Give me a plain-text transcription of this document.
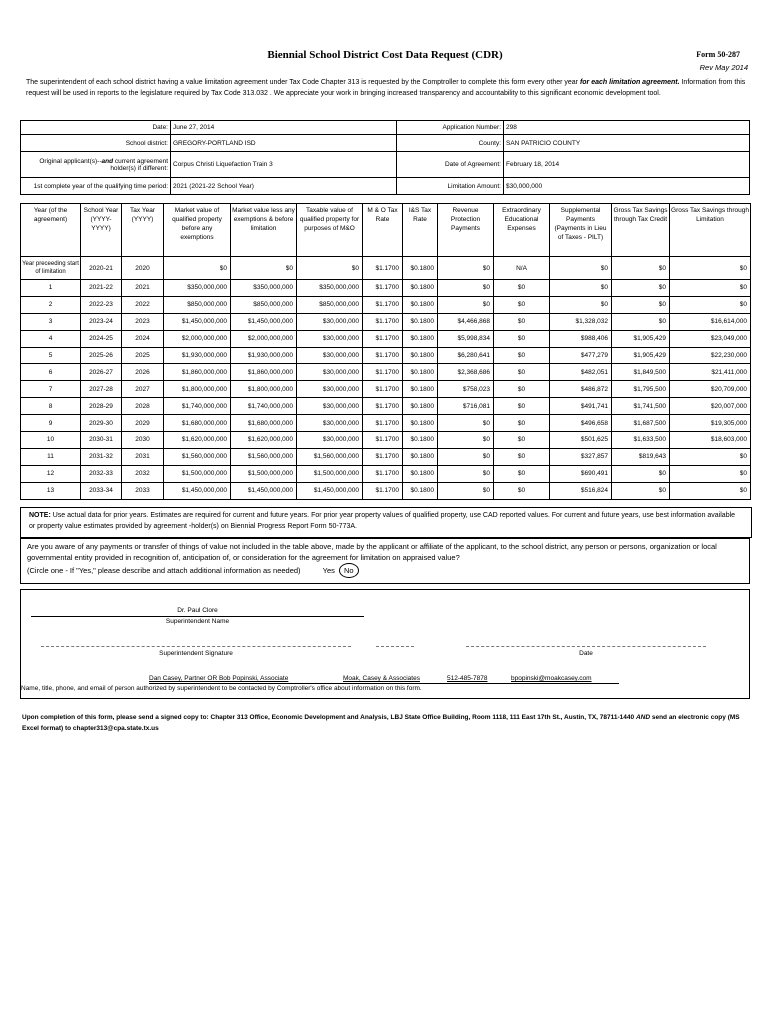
Biennial School District Cost Data Request (CDR)	Form 50-287
Rev May 2014
The superintendent of each school district having a value limitation agreement under Tax Code Chapter 313 is requested by the Comptroller to complete this form every other year for each limitation agreement. Information from this request will be used in reports to the legislature required by Tax Code 313.032 . We appreciate your work in bringing increased transparency and accountability to this significant economic development tool.
Date:	June 27, 2014	Application Number:	298
School district:	GREGORY-PORTLAND ISD	County:	SAN PATRICIO COUNTY
Original applicant(s)--and current agreement holder(s) if different:	Corpus Christi Liquefaction Train 3	Date of Agreement:	February 18, 2014
1st complete year of the qualifying time period:	2021 (2021-22 School Year)	Limitation Amount:	$30,000,000
Year (of the agreement)	School Year (YYYY-YYYY)	Tax Year (YYYY)	Market value of qualified property before any exemptions	Market value less any exemptions & before limitation	Taxable value of qualified property for purposes of M&O	M & O Tax Rate	I&S Tax Rate	Revenue Protection Payments	Extraordinary Educational Expenses	Supplemental Payments (Payments in Lieu of Taxes - PILT)	Gross Tax Savings through Tax Credit	Gross Tax Savings through Limitation
Year preceeding start of limitation	2020-21	2020	$0	$0	$0	$1.1700	$0.1800	$0	N/A	$0	$0	$0
1	2021-22	2021	$350,000,000	$350,000,000	$350,000,000	$1.1700	$0.1800	$0	$0	$0	$0	$0
2	2022-23	2022	$850,000,000	$850,000,000	$850,000,000	$1.1700	$0.1800	$0	$0	$0	$0	$0
3	2023-24	2023	$1,450,000,000	$1,450,000,000	$30,000,000	$1.1700	$0.1800	$4,466,868	$0	$1,328,032	$0	$16,614,000
4	2024-25	2024	$2,000,000,000	$2,000,000,000	$30,000,000	$1.1700	$0.1800	$5,998,834	$0	$988,406	$1,905,429	$23,049,000
5	2025-26	2025	$1,930,000,000	$1,930,000,000	$30,000,000	$1.1700	$0.1800	$6,280,641	$0	$477,279	$1,905,429	$22,230,000
6	2026-27	2026	$1,860,000,000	$1,860,000,000	$30,000,000	$1.1700	$0.1800	$2,368,686	$0	$482,051	$1,849,500	$21,411,000
7	2027-28	2027	$1,800,000,000	$1,800,000,000	$30,000,000	$1.1700	$0.1800	$758,023	$0	$486,872	$1,795,500	$20,709,000
8	2028-29	2028	$1,740,000,000	$1,740,000,000	$30,000,000	$1.1700	$0.1800	$716,081	$0	$491,741	$1,741,500	$20,007,000
9	2029-30	2029	$1,680,000,000	$1,680,000,000	$30,000,000	$1.1700	$0.1800	$0	$0	$496,658	$1,687,500	$19,305,000
10	2030-31	2030	$1,620,000,000	$1,620,000,000	$30,000,000	$1.1700	$0.1800	$0	$0	$501,625	$1,633,500	$18,603,000
11	2031-32	2031	$1,560,000,000	$1,560,000,000	$1,560,000,000	$1.1700	$0.1800	$0	$0	$327,857	$819,643	$0
12	2032-33	2032	$1,500,000,000	$1,500,000,000	$1,500,000,000	$1.1700	$0.1800	$0	$0	$690,491	$0	$0
13	2033-34	2033	$1,450,000,000	$1,450,000,000	$1,450,000,000	$1.1700	$0.1800	$0	$0	$516,824	$0	$0
NOTE: Use actual data for prior years. Estimates are required for current and future years. For prior year property values of qualified property, use CAD reported values. For current and future years, use best information available or property value estimates provided by agreement -holder(s) on Biennial Progress Report Form 50-773A.
Are you aware of any payments or transfer of things of value not included in the table above, made by the applicant or affiliate of the applicant, to the school district, any person or persons, organization or local governmental entity provided in recognition of, anticipation of, or consideration for the agreement for limitation on appraised value?
(Circle one - If "Yes," please describe and attach additional information as needed)	Yes No
Dr. Paul Clore
Superintendent Name
Superintendent Signature	Date
Dan Casey, Partner OR Bob Popinski, Associate	Moak, Casey & Associates	512-485-7878	bpopinski@moakcasey.com
Name, title, phone, and email of person authorized by superintendent to be contacted by Comptroller's office about information on this form.
Upon completion of this form, please send a signed copy to: Chapter 313 Office, Economic Development and Analysis, LBJ State Office Building, Room 1118, 111 East 17th St., Austin, TX, 78711-1440 AND send an electronic copy (MS Excel format) to chapter313@cpa.state.tx.us
